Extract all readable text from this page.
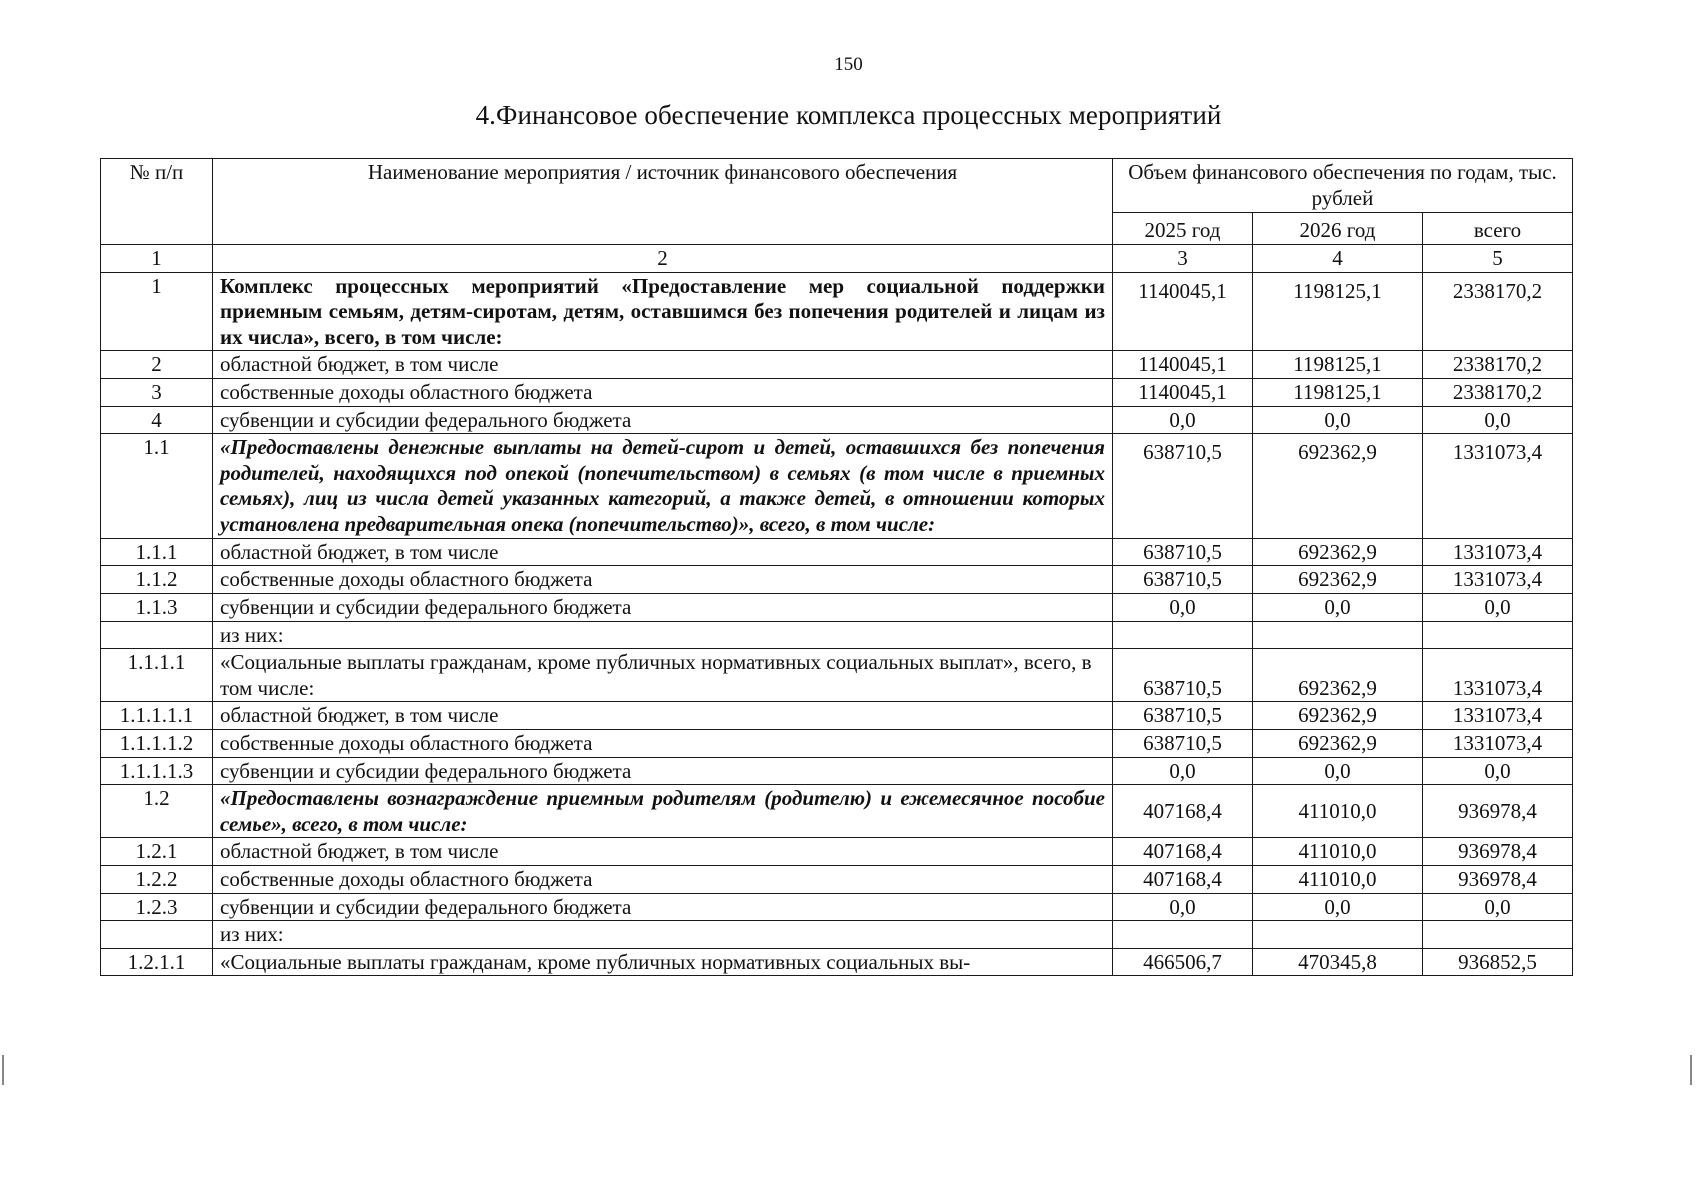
150
4.Финансовое обеспечение комплекса процессных мероприятий
№ п/п	Наименование мероприятия / источник финансового обеспечения	Объем финансового обеспечения по годам, тыс. рублей		
		2025 год	2026 год	всего
1	2	3	4	5
1	Комплекс процессных мероприятий «Предоставление мер социальной поддержки приемным семьям, детям-сиротам, детям, оставшимся без попечения родителей и лицам из их числа», всего, в том числе:	1140045,1	1198125,1	2338170,2
2	областной бюджет, в том числе	1140045,1	1198125,1	2338170,2
3	собственные доходы областного бюджета	1140045,1	1198125,1	2338170,2
4	субвенции и субсидии федерального бюджета	0,0	0,0	0,0
1.1	«Предоставлены денежные выплаты на детей-сирот и детей, оставшихся без попечения родителей, находящихся под опекой (попечительством) в семьях (в том числе в приемных семьях), лиц из числа детей указанных категорий, а также детей, в отношении которых установлена предварительная опека (попечительство)», всего, в том числе:	638710,5	692362,9	1331073,4
1.1.1	областной бюджет, в том числе	638710,5	692362,9	1331073,4
1.1.2	собственные доходы областного бюджета	638710,5	692362,9	1331073,4
1.1.3	субвенции и субсидии федерального бюджета	0,0	0,0	0,0
	из них:			
1.1.1.1	«Социальные выплаты гражданам, кроме публичных нормативных социальных выплат», всего, в том числе:	638710,5	692362,9	1331073,4
1.1.1.1.1	областной бюджет, в том числе	638710,5	692362,9	1331073,4
1.1.1.1.2	собственные доходы областного бюджета	638710,5	692362,9	1331073,4
1.1.1.1.3	субвенции и субсидии федерального бюджета	0,0	0,0	0,0
1.2	«Предоставлены вознаграждение приемным родителям (родителю) и ежемесячное пособие семье», всего, в том числе:	407168,4	411010,0	936978,4
1.2.1	областной бюджет, в том числе	407168,4	411010,0	936978,4
1.2.2	собственные доходы областного бюджета	407168,4	411010,0	936978,4
1.2.3	субвенции и субсидии федерального бюджета	0,0	0,0	0,0
	из них:			
1.2.1.1	«Социальные выплаты гражданам, кроме публичных нормативных социальных вы-	466506,7	470345,8	936852,5
